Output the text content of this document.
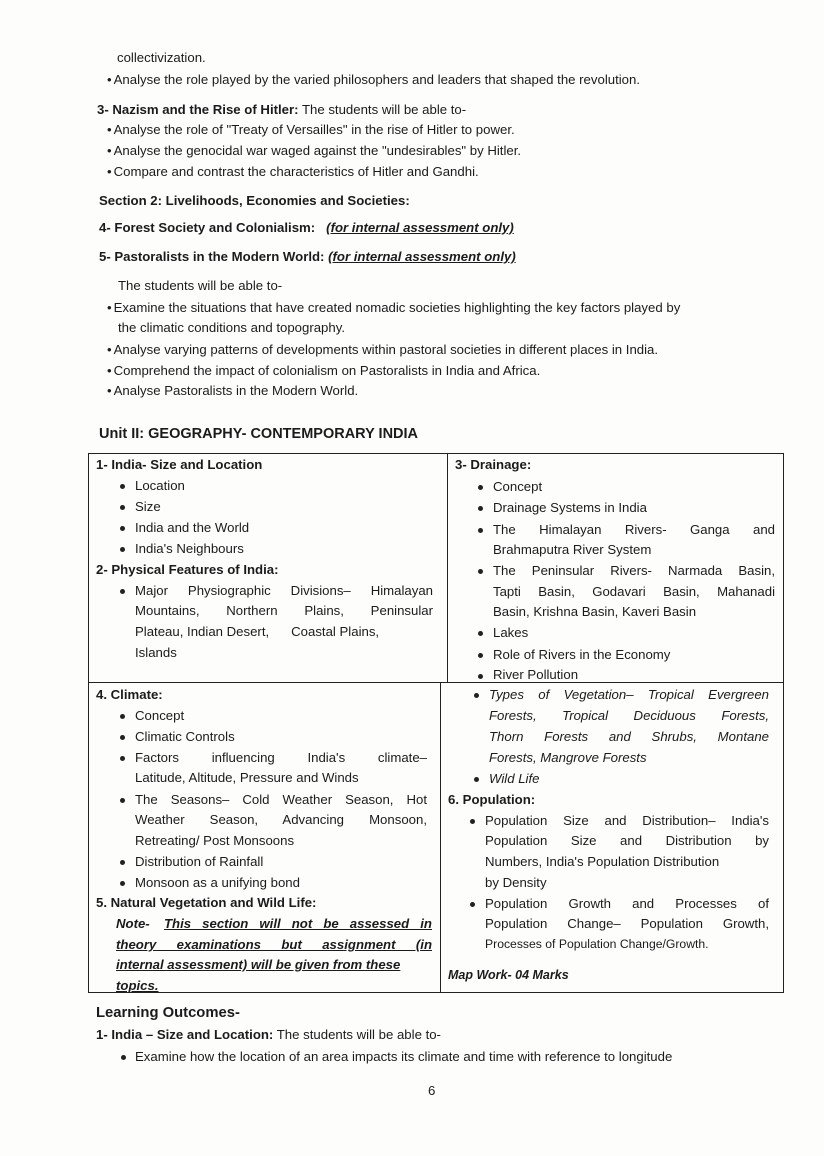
collectivization.
• Analyse the role played by the varied philosophers and leaders that shaped the revolution.
3- Nazism and the Rise of Hitler: The students will be able to-
• Analyse the role of "Treaty of Versailles" in the rise of Hitler to power.
• Analyse the genocidal war waged against the "undesirables" by Hitler.
• Compare and contrast the characteristics of Hitler and Gandhi.
Section 2: Livelihoods, Economies and Societies:
4- Forest Society and Colonialism: (for internal assessment only)
5- Pastoralists in the Modern World: (for internal assessment only)
The students will be able to-
• Examine the situations that have created nomadic societies highlighting the key factors played by
the climatic conditions and topography.
• Analyse varying patterns of developments within pastoral societies in different places in India.
• Comprehend the impact of colonialism on Pastoralists in India and Africa.
• Analyse Pastoralists in the Modern World.
Unit II: GEOGRAPHY- CONTEMPORARY INDIA
1- India- Size and Location
Location
Size
India and the World
India's Neighbours
2- Physical Features of India:
Major Physiographic Divisions– Himalayan
Mountains, Northern Plains, Peninsular
Plateau, Indian Desert,      Coastal Plains,
Islands
3- Drainage:
Concept
Drainage Systems in India
The Himalayan Rivers- Ganga and
Brahmaputra River System
The Peninsular Rivers- Narmada Basin,
Tapti Basin, Godavari Basin, Mahanadi
Basin, Krishna Basin, Kaveri Basin
Lakes
Role of Rivers in the Economy
River Pollution
4. Climate:
Concept
Climatic Controls
Factors influencing India's climate–
Latitude, Altitude, Pressure and Winds
The Seasons– Cold Weather Season, Hot
Weather Season, Advancing Monsoon,
Retreating/ Post Monsoons
Distribution of Rainfall
Monsoon as a unifying bond
5. Natural Vegetation and Wild Life:
Note- This section will not be assessed in
theory examinations but assignment (in
internal assessment) will be given from these
topics.
Types of Vegetation– Tropical Evergreen
Forests, Tropical Deciduous Forests,
Thorn Forests and Shrubs, Montane
Forests, Mangrove Forests
Wild Life
6. Population:
Population Size and Distribution– India's
Population Size and Distribution by
Numbers, India's Population Distribution
by Density
Population Growth and Processes of
Population Change– Population Growth,
Processes of Population Change/Growth.
Map Work- 04 Marks
Learning Outcomes-
1- India – Size and Location: The students will be able to-
Examine how the location of an area impacts its climate and time with reference to longitude
6
